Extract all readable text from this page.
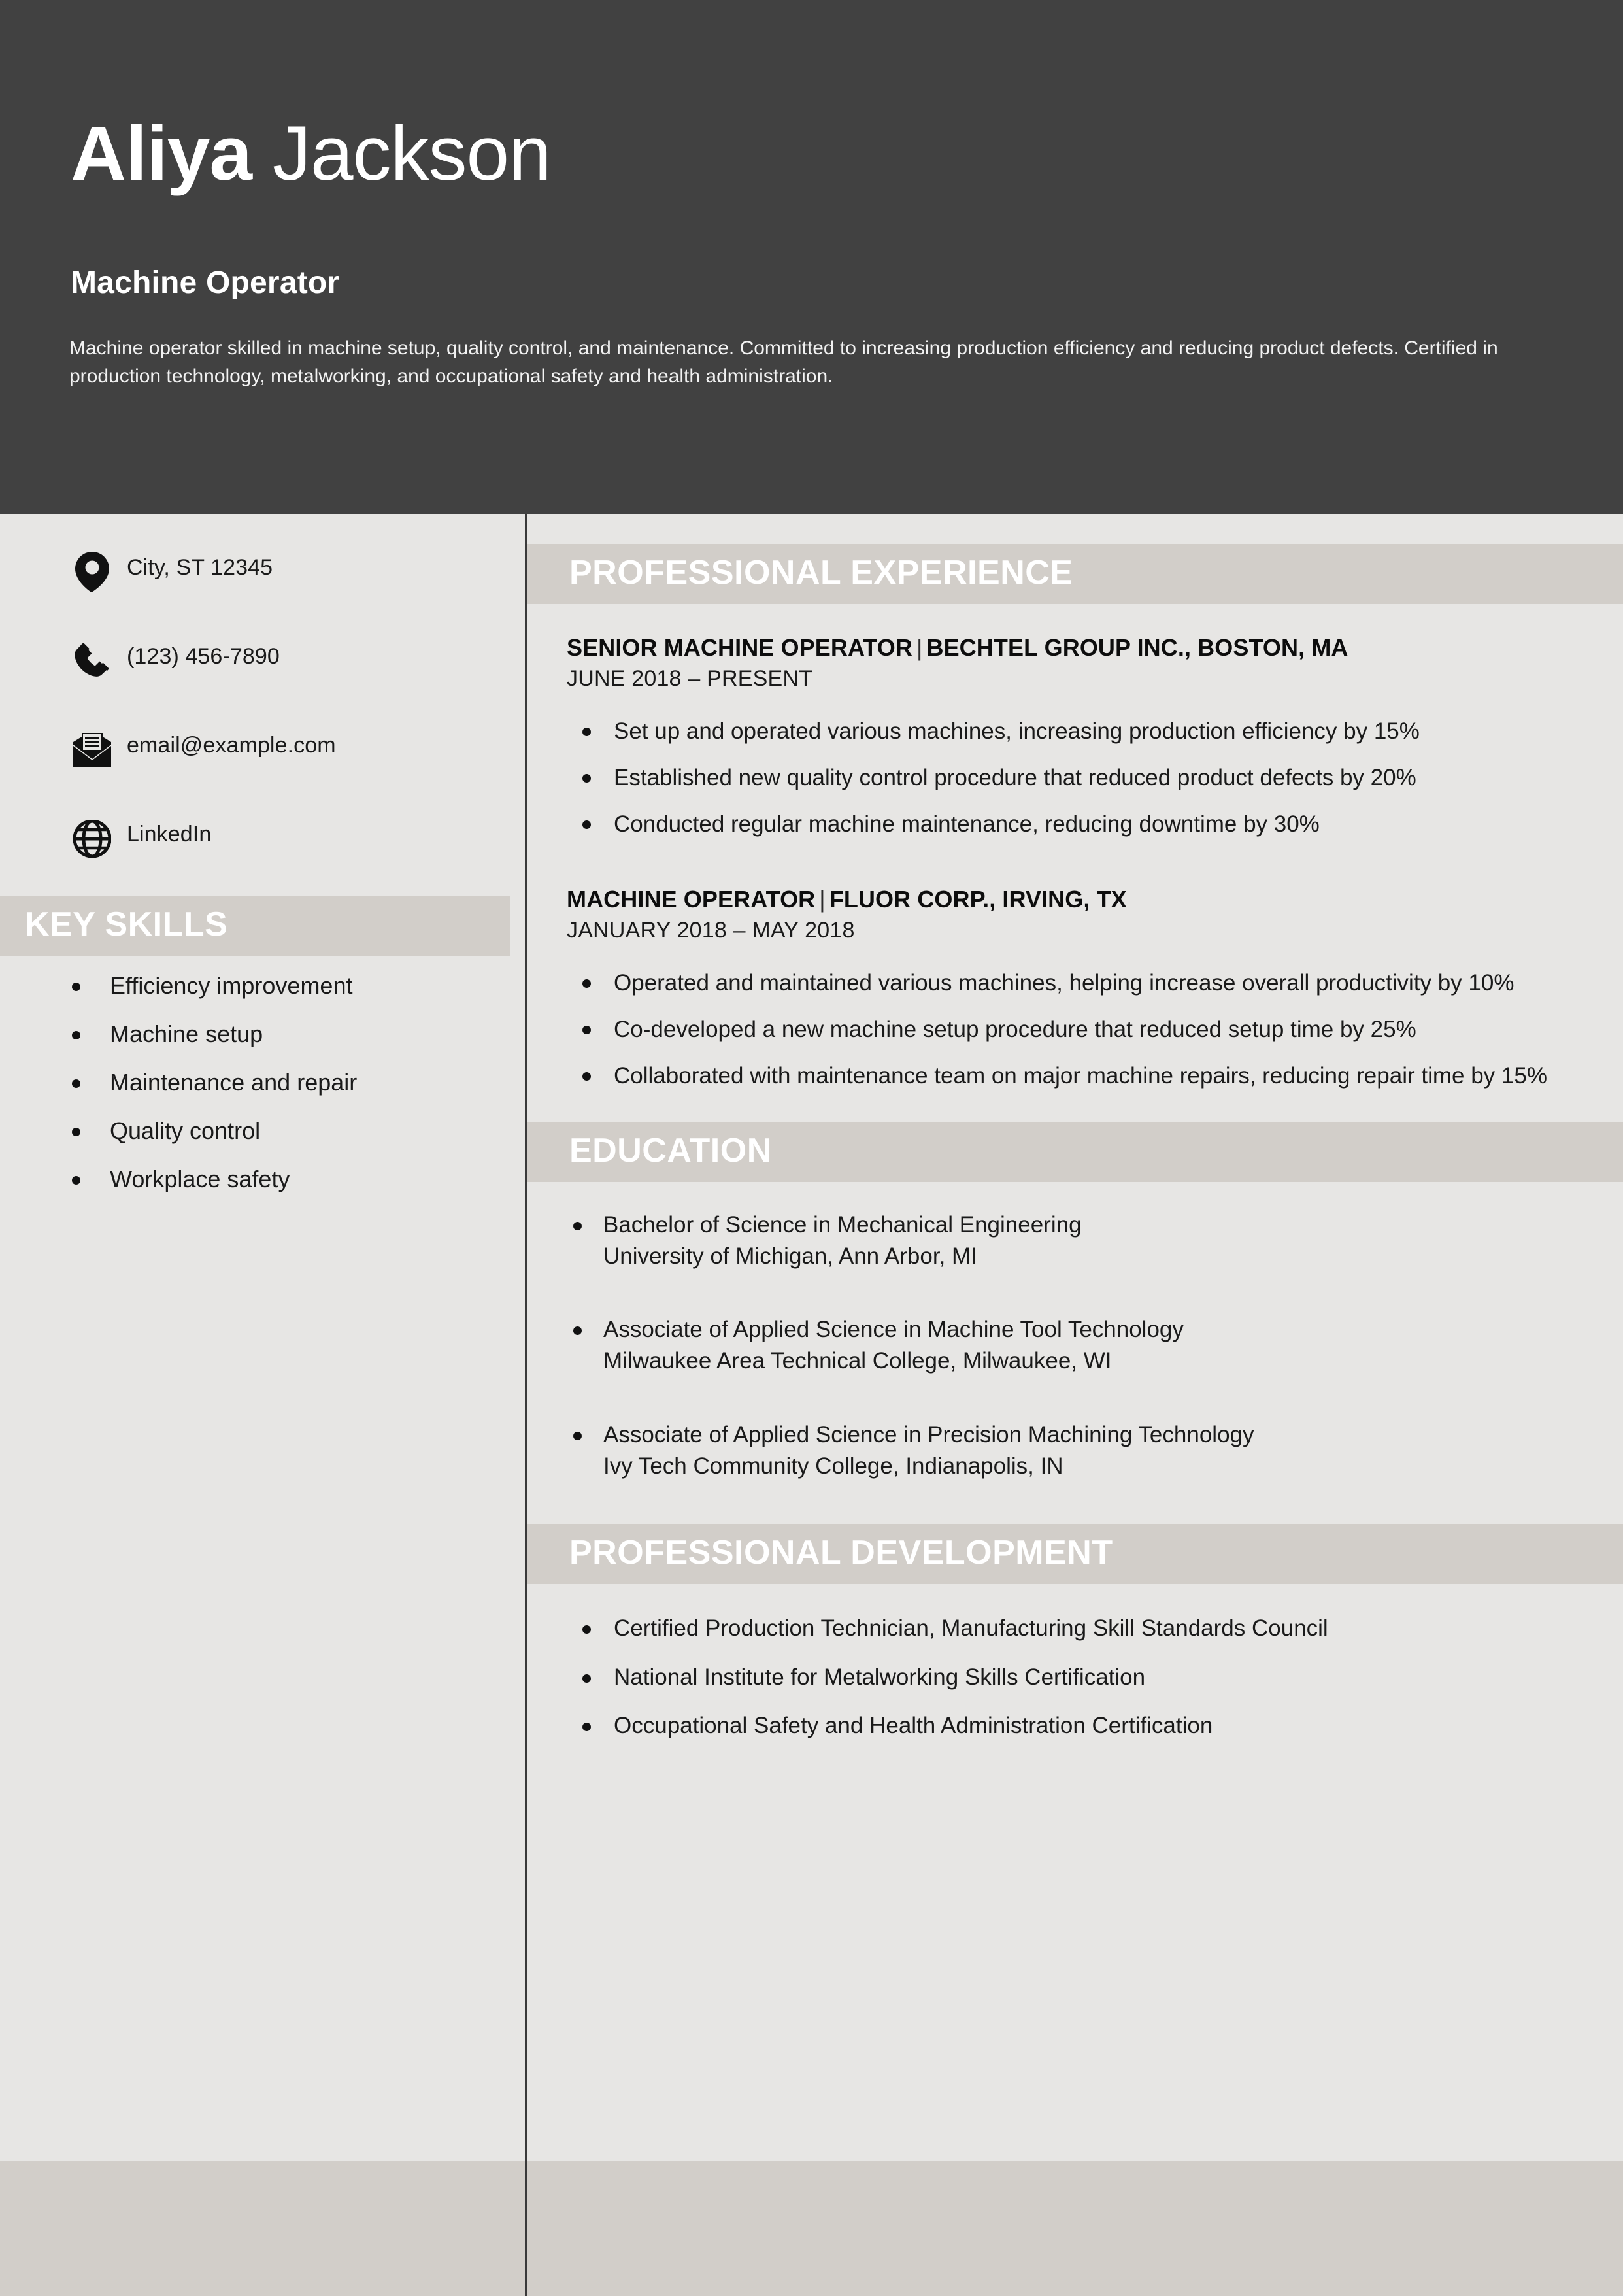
Aliya Jackson
Machine Operator
Machine operator skilled in machine setup, quality control, and maintenance. Committed to increasing production efficiency and reducing product defects. Certified in production technology, metalworking, and occupational safety and health administration.
City, ST 12345
(123) 456-7890
email@example.com
LinkedIn
KEY SKILLS
Efficiency improvement
Machine setup
Maintenance and repair
Quality control
Workplace safety
PROFESSIONAL EXPERIENCE
SENIOR MACHINE OPERATOR | BECHTEL GROUP INC., BOSTON, MA
JUNE 2018 – PRESENT
Set up and operated various machines, increasing production efficiency by 15%
Established new quality control procedure that reduced product defects by 20%
Conducted regular machine maintenance, reducing downtime by 30%
MACHINE OPERATOR | FLUOR CORP., IRVING, TX
JANUARY 2018 – MAY 2018
Operated and maintained various machines, helping increase overall productivity by 10%
Co-developed a new machine setup procedure that reduced setup time by 25%
Collaborated with maintenance team on major machine repairs, reducing repair time by 15%
EDUCATION
Bachelor of Science in Mechanical Engineering
University of Michigan, Ann Arbor, MI
Associate of Applied Science in Machine Tool Technology
Milwaukee Area Technical College, Milwaukee, WI
Associate of Applied Science in Precision Machining Technology
Ivy Tech Community College, Indianapolis, IN
PROFESSIONAL DEVELOPMENT
Certified Production Technician, Manufacturing Skill Standards Council
National Institute for Metalworking Skills Certification
Occupational Safety and Health Administration Certification
